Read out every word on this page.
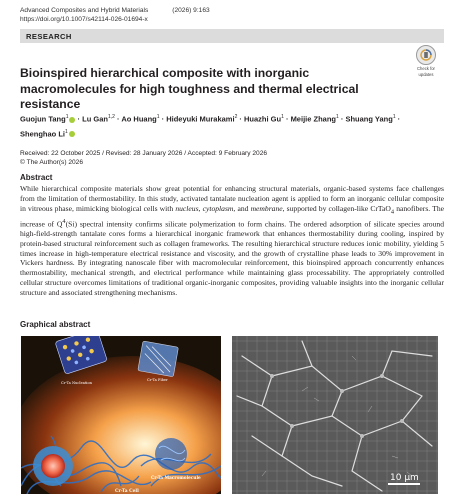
Advanced Composites and Hybrid Materials	(2026) 9:163
https://doi.org/10.1007/s42114-026-01694-x
RESEARCH
Check for
updates
Bioinspired hierarchical composite with inorganic macromolecules for high toughness and thermal electrical resistance
Guojun Tang$^1$ · Lu Gan$^{1,2}$ · Ao Huang$^1$ · Hideyuki Murakami$^2$ · Huazhi $Gu^1$ · Meijie Zhang$^1$ · Shuang Yang$^1$ ·
Shenghao Li$^1$
Received: 22 October 2025 / Revised: 28 January 2026 / Accepted: 9 February 2026
© The Author(s) 2026
Abstract

While hierarchical composite materials show great potential for enhancing structural materials, organic-based systems face challenges from the limitation of thermostability. In this study, activated tantalate nucleation agent is applied to form an inorganic cellular composite in vitreous phase, mimicking biological cells with nucleus, cytoplasm, and membrane, supported by collagen-like CrTaO$_4$ nanofibers. The increase of $Q^4(Si)$ spectral intensity confirms silicate polymerization to form chains. The ordered adsorption of silicate species around high-field-strength tantalate cores forms a hierarchical inorganic framework that enhances thermostability during cooling, inspired by protein-based structural reinforcement such as collagen frameworks. The resulting hierarchical structure reduces ionic mobility, yielding 5 times increase in high-temperature electrical resistance and viscosity, and the growth of crystalline phase leads to 30% improvement in Vickers hardness. By integrating nanoscale fiber with macromolecular reinforcement, this bioinspired approach concurrently enhances thermostability, mechanical strength, and electrical performance while maintaining glass processability. The appropriately controlled cellular structure overcomes limitations of traditional organic-inorganic composites, providing valuable insights into the inorganic cellular structure and associated strengthening mechanisms.

Graphical abstract
Cr-Ta Nucleation
Cr-Ta Fiber
Cr-Ta Macromolecule
Cr-Ta Cell
10 μm
